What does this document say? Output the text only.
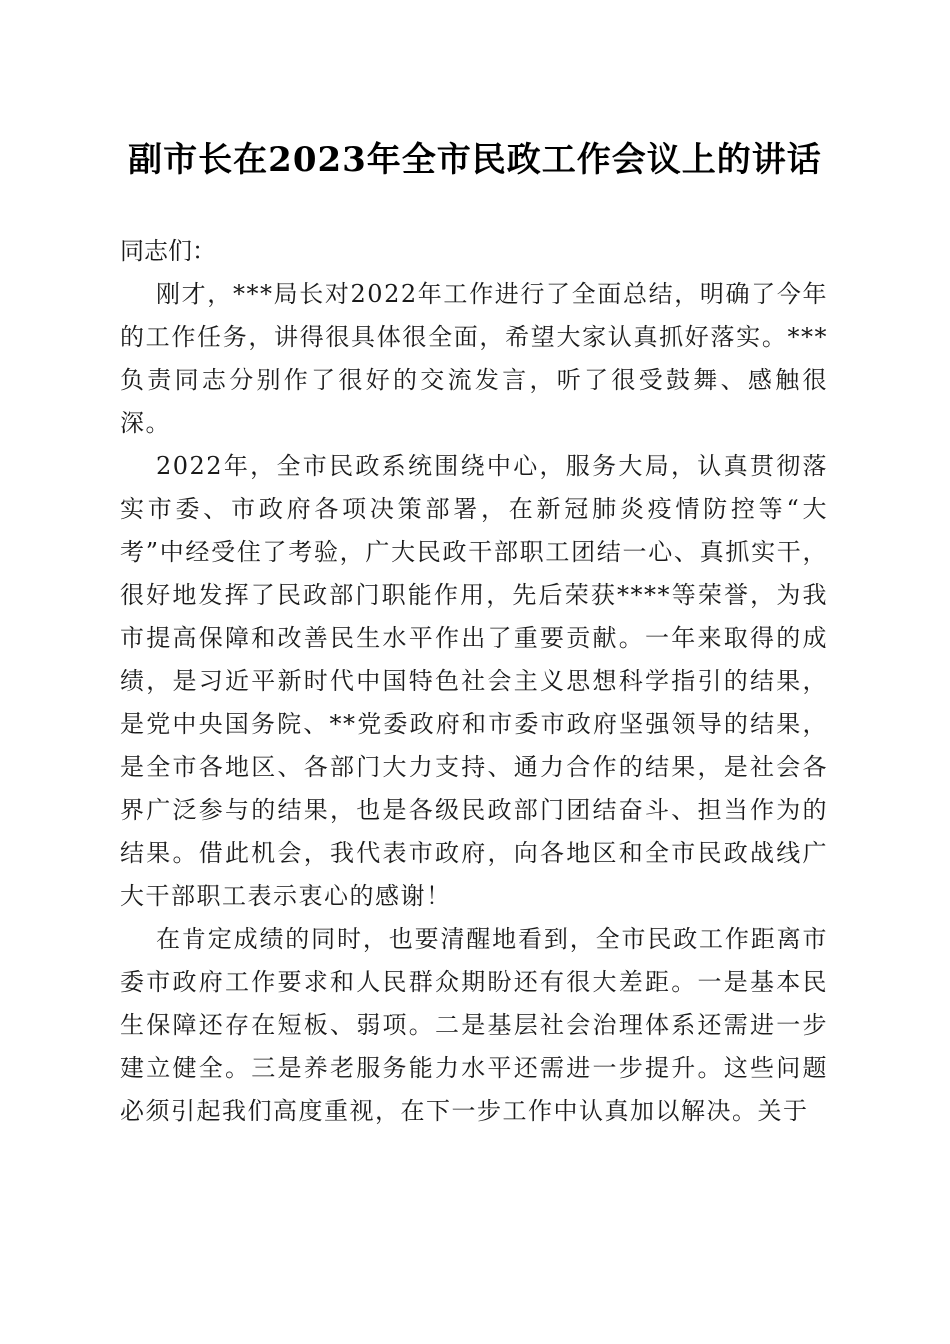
副市长在2023年全市民政工作会议上的讲话

同志们：

刚才，***局长对2022年工作进行了全面总结，明确了今年的工作任务，讲得很具体很全面，希望大家认真抓好落实。***负责同志分别作了很好的交流发言，听了很受鼓舞、感触很深。

2022年，全市民政系统围绕中心，服务大局，认真贯彻落实市委、市政府各项决策部署，在新冠肺炎疫情防控等“大考”中经受住了考验，广大民政干部职工团结一心、真抓实干，很好地发挥了民政部门职能作用，先后荣获****等荣誉，为我市提高保障和改善民生水平作出了重要贡献。一年来取得的成绩，是习近平新时代中国特色社会主义思想科学指引的结果，是党中央国务院、**党委政府和市委市政府坚强领导的结果，是全市各地区、各部门大力支持、通力合作的结果，是社会各界广泛参与的结果，也是各级民政部门团结奋斗、担当作为的结果。借此机会，我代表市政府，向各地区和全市民政战线广大干部职工表示衷心的感谢！

在肯定成绩的同时，也要清醒地看到，全市民政工作距离市委市政府工作要求和人民群众期盼还有很大差距。一是基本民生保障还存在短板、弱项。二是基层社会治理体系还需进一步建立健全。三是养老服务能力水平还需进一步提升。这些问题必须引起我们高度重视，在下一步工作中认真加以解决。关于
